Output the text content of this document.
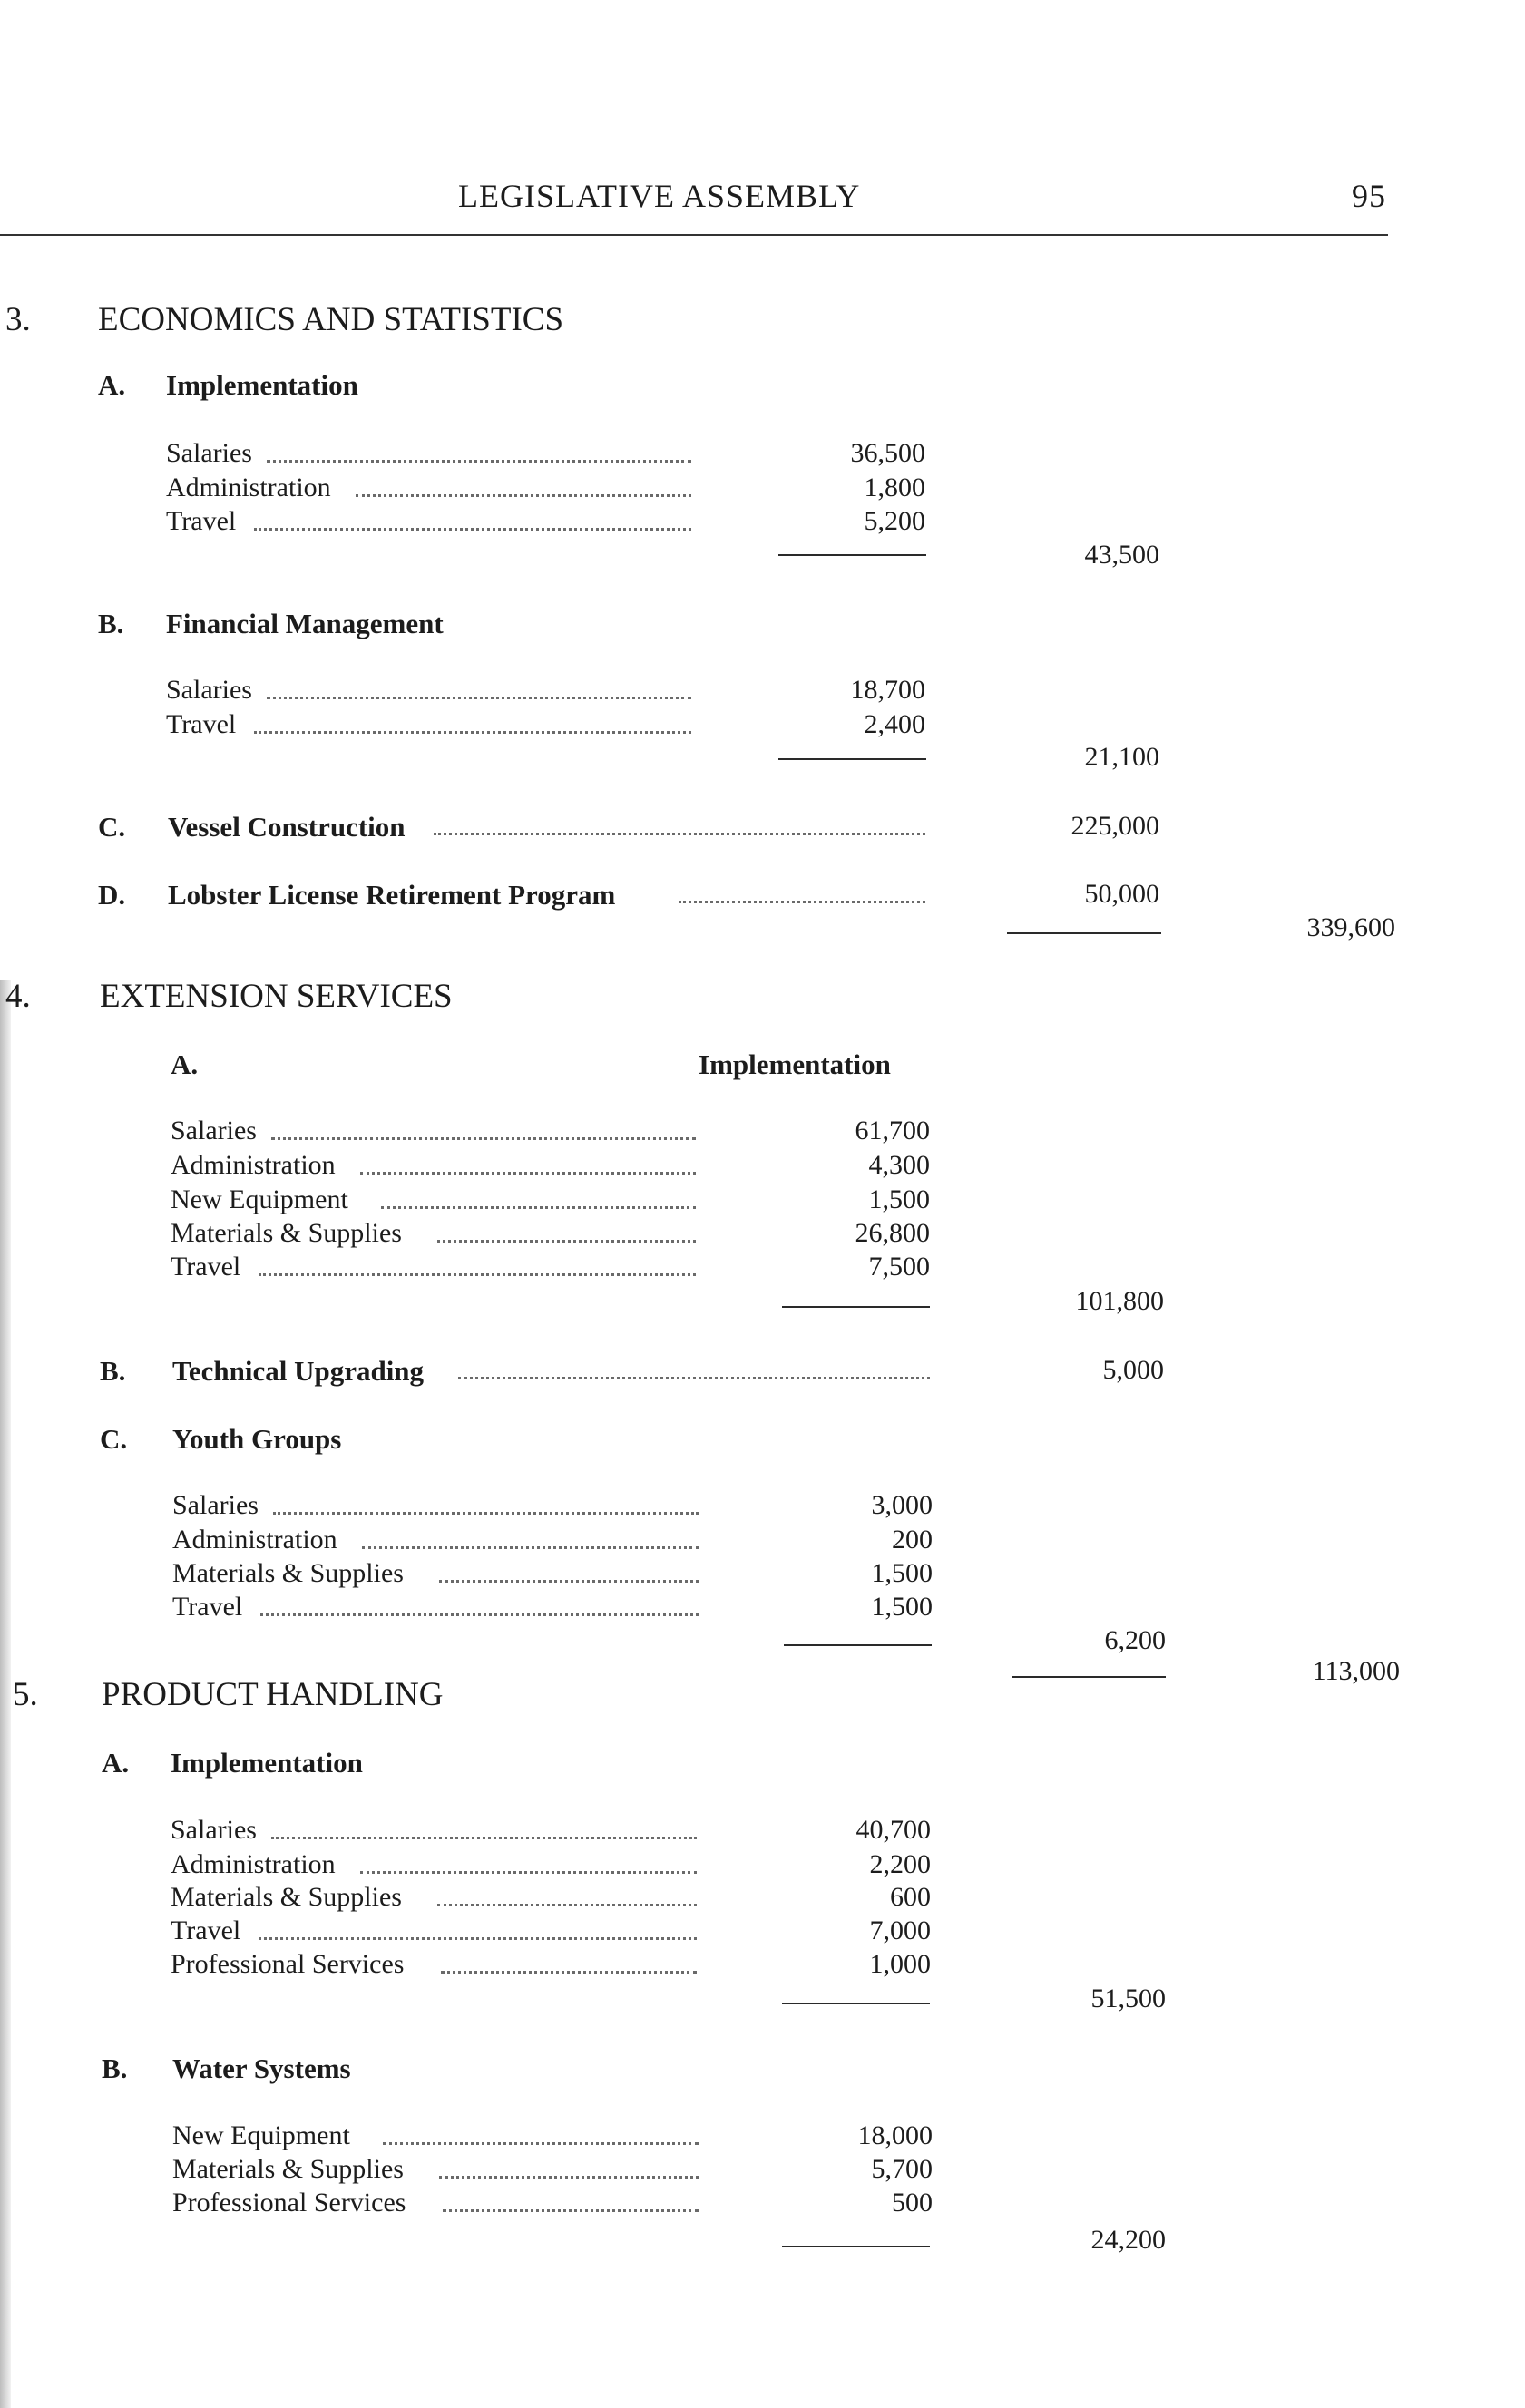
LEGISLATIVE ASSEMBLY	95
3. ECONOMICS AND STATISTICS
A. Implementation
Salaries	36,500
Administration	1,800
Travel	5,200
43,500
B. Financial Management
Salaries	18,700
Travel	2,400
21,100
C. Vessel Construction	225,000
D. Lobster License Retirement Program	50,000
339,600
4. EXTENSION SERVICES
A.	Implementation
Salaries	61,700
Administration	4,300
New Equipment	1,500
Materials & Supplies	26,800
Travel	7,500
101,800
B. Technical Upgrading	5,000
C. Youth Groups
Salaries	3,000
Administration	200
Materials & Supplies	1,500
Travel	1,500
6,200
113,000
5. PRODUCT HANDLING
A. Implementation
Salaries	40,700
Administration	2,200
Materials & Supplies	600
Travel	7,000
Professional Services	1,000
51,500
B. Water Systems
New Equipment	18,000
Materials & Supplies	5,700
Professional Services	500
24,200
